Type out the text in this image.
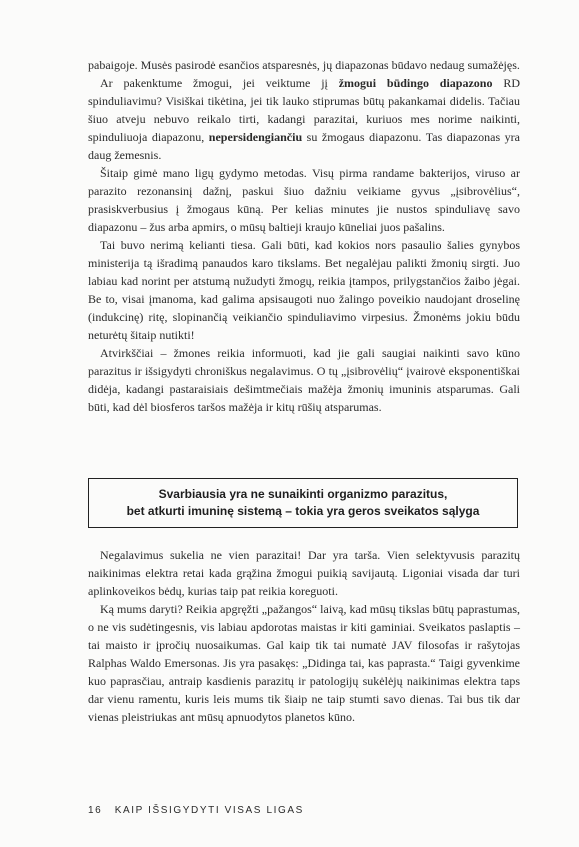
pabaigoje. Musės pasirodė esančios atsparesnės, jų diapazonas būdavo nedaug sumažėjęs.

Ar pakenktume žmogui, jei veiktume jį žmogui būdingo diapazono RD spinduliavimu? Visiškai tikėtina, jei tik lauko stiprumas būtų pakankamai didelis. Tačiau šiuo atveju nebuvo reikalo tirti, kadangi parazitai, kuriuos mes norime naikinti, spinduliuoja diapazonu, nepersidengiančiu su žmogaus diapazonu. Tas diapazonas yra daug žemesnis.

Šitaip gimė mano ligų gydymo metodas. Visų pirma randame bakterijos, viruso ar parazito rezonansinį dažnį, paskui šiuo dažniu veikiame gyvus „įsibrovėlius“, prasiskverbusius į žmogaus kūną. Per kelias minutes jie nustos spinduliavę savo diapazonu – žus arba apmirs, o mūsų baltieji kraujo kūneliai juos pašalins.

Tai buvo nerimą kelianti tiesa. Gali būti, kad kokios nors pasaulio šalies gynybos ministerija tą išradimą panaudos karo tikslams. Bet negalėjau palikti žmonių sirgti. Juo labiau kad norint per atstumą nužudyti žmogų, reikia įtampos, prilygstančios žaibo jėgai. Be to, visai įmanoma, kad galima apsisaugoti nuo žalingo poveikio naudojant droselinę (indukcinę) ritę, slopinančią veikiančio spinduliavimo virpesius. Žmonėms jokiu būdu neturėtų šitaip nutikti!

Atvirkščiai – žmones reikia informuoti, kad jie gali saugiai naikinti savo kūno parazitus ir išsigydyti chroniškus negalavimus. O tų „įsibrovėlių“ įvairovė eksponentiškai didėja, kadangi pastaraisiais dešimtmečiais mažėja žmonių imuninis atsparumas. Gali būti, kad dėl biosferos taršos mažėja ir kitų rūšių atsparumas.

Svarbiausia yra ne sunaikinti organizmo parazitus,
bet atkurti imuninę sistemą – tokia yra geros sveikatos sąlyga

Negalavimus sukelia ne vien parazitai! Dar yra tarša. Vien selektyvusis parazitų naikinimas elektra retai kada grąžina žmogui puikią savijautą. Ligoniai visada dar turi aplinkoveikos bėdų, kurias taip pat reikia koreguoti.

Ką mums daryti? Reikia apgręžti „pažangos“ laivą, kad mūsų tikslas būtų paprastumas, o ne vis sudėtingesnis, vis labiau apdorotas maistas ir kiti gaminiai. Sveikatos paslaptis – tai maisto ir įpročių nuosaikumas. Gal kaip tik tai numatė JAV filosofas ir rašytojas Ralphas Waldo Emersonas. Jis yra pasakęs: „Didinga tai, kas paprasta.“ Taigi gyvenkime kuo paprasčiau, antraip kasdienis parazitų ir patologijų sukėlėjų naikinimas elektra taps dar vienu ramentu, kuris leis mums tik šiaip ne taip stumti savo dienas. Tai bus tik dar vienas pleistriukas ant mūsų apnuodytos planetos kūno.

16 KAIP IŠSIGYDYTI VISAS LIGAS
